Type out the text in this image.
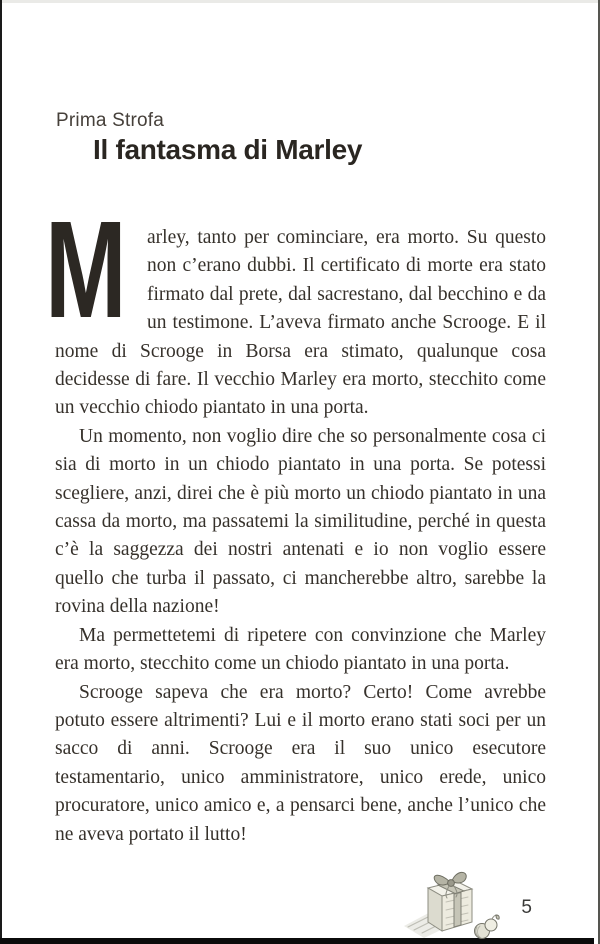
Prima Strofa
Il fantasma di Marley

M arley, tanto per cominciare, era morto. Su questo non c’erano dubbi. Il certificato di morte era stato firmato dal prete, dal sacrestano, dal becchino e da un testimone. L’aveva firmato anche Scrooge. E il nome di Scrooge in Borsa era stimato, qualunque cosa decidesse di fare. Il vecchio Marley era morto, stecchito come un vecchio chiodo piantato in una porta.

Un momento, non voglio dire che so personalmente cosa ci sia di morto in un chiodo piantato in una porta. Se potessi scegliere, anzi, direi che è più morto un chiodo piantato in una cassa da morto, ma passatemi la similitudine, perché in questa c’è la saggezza dei nostri antenati e io non voglio essere quello che turba il passato, ci mancherebbe altro, sarebbe la rovina della nazione!

Ma permettetemi di ripetere con convinzione che Marley era morto, stecchito come un chiodo piantato in una porta.

Scrooge sapeva che era morto? Certo! Come avrebbe potuto essere altrimenti? Lui e il morto erano stati soci per un sacco di anni. Scrooge era il suo unico esecutore testamentario, unico amministratore, unico erede, unico procuratore, unico amico e, a pensarci bene, anche l’unico che ne aveva portato il lutto!

5
